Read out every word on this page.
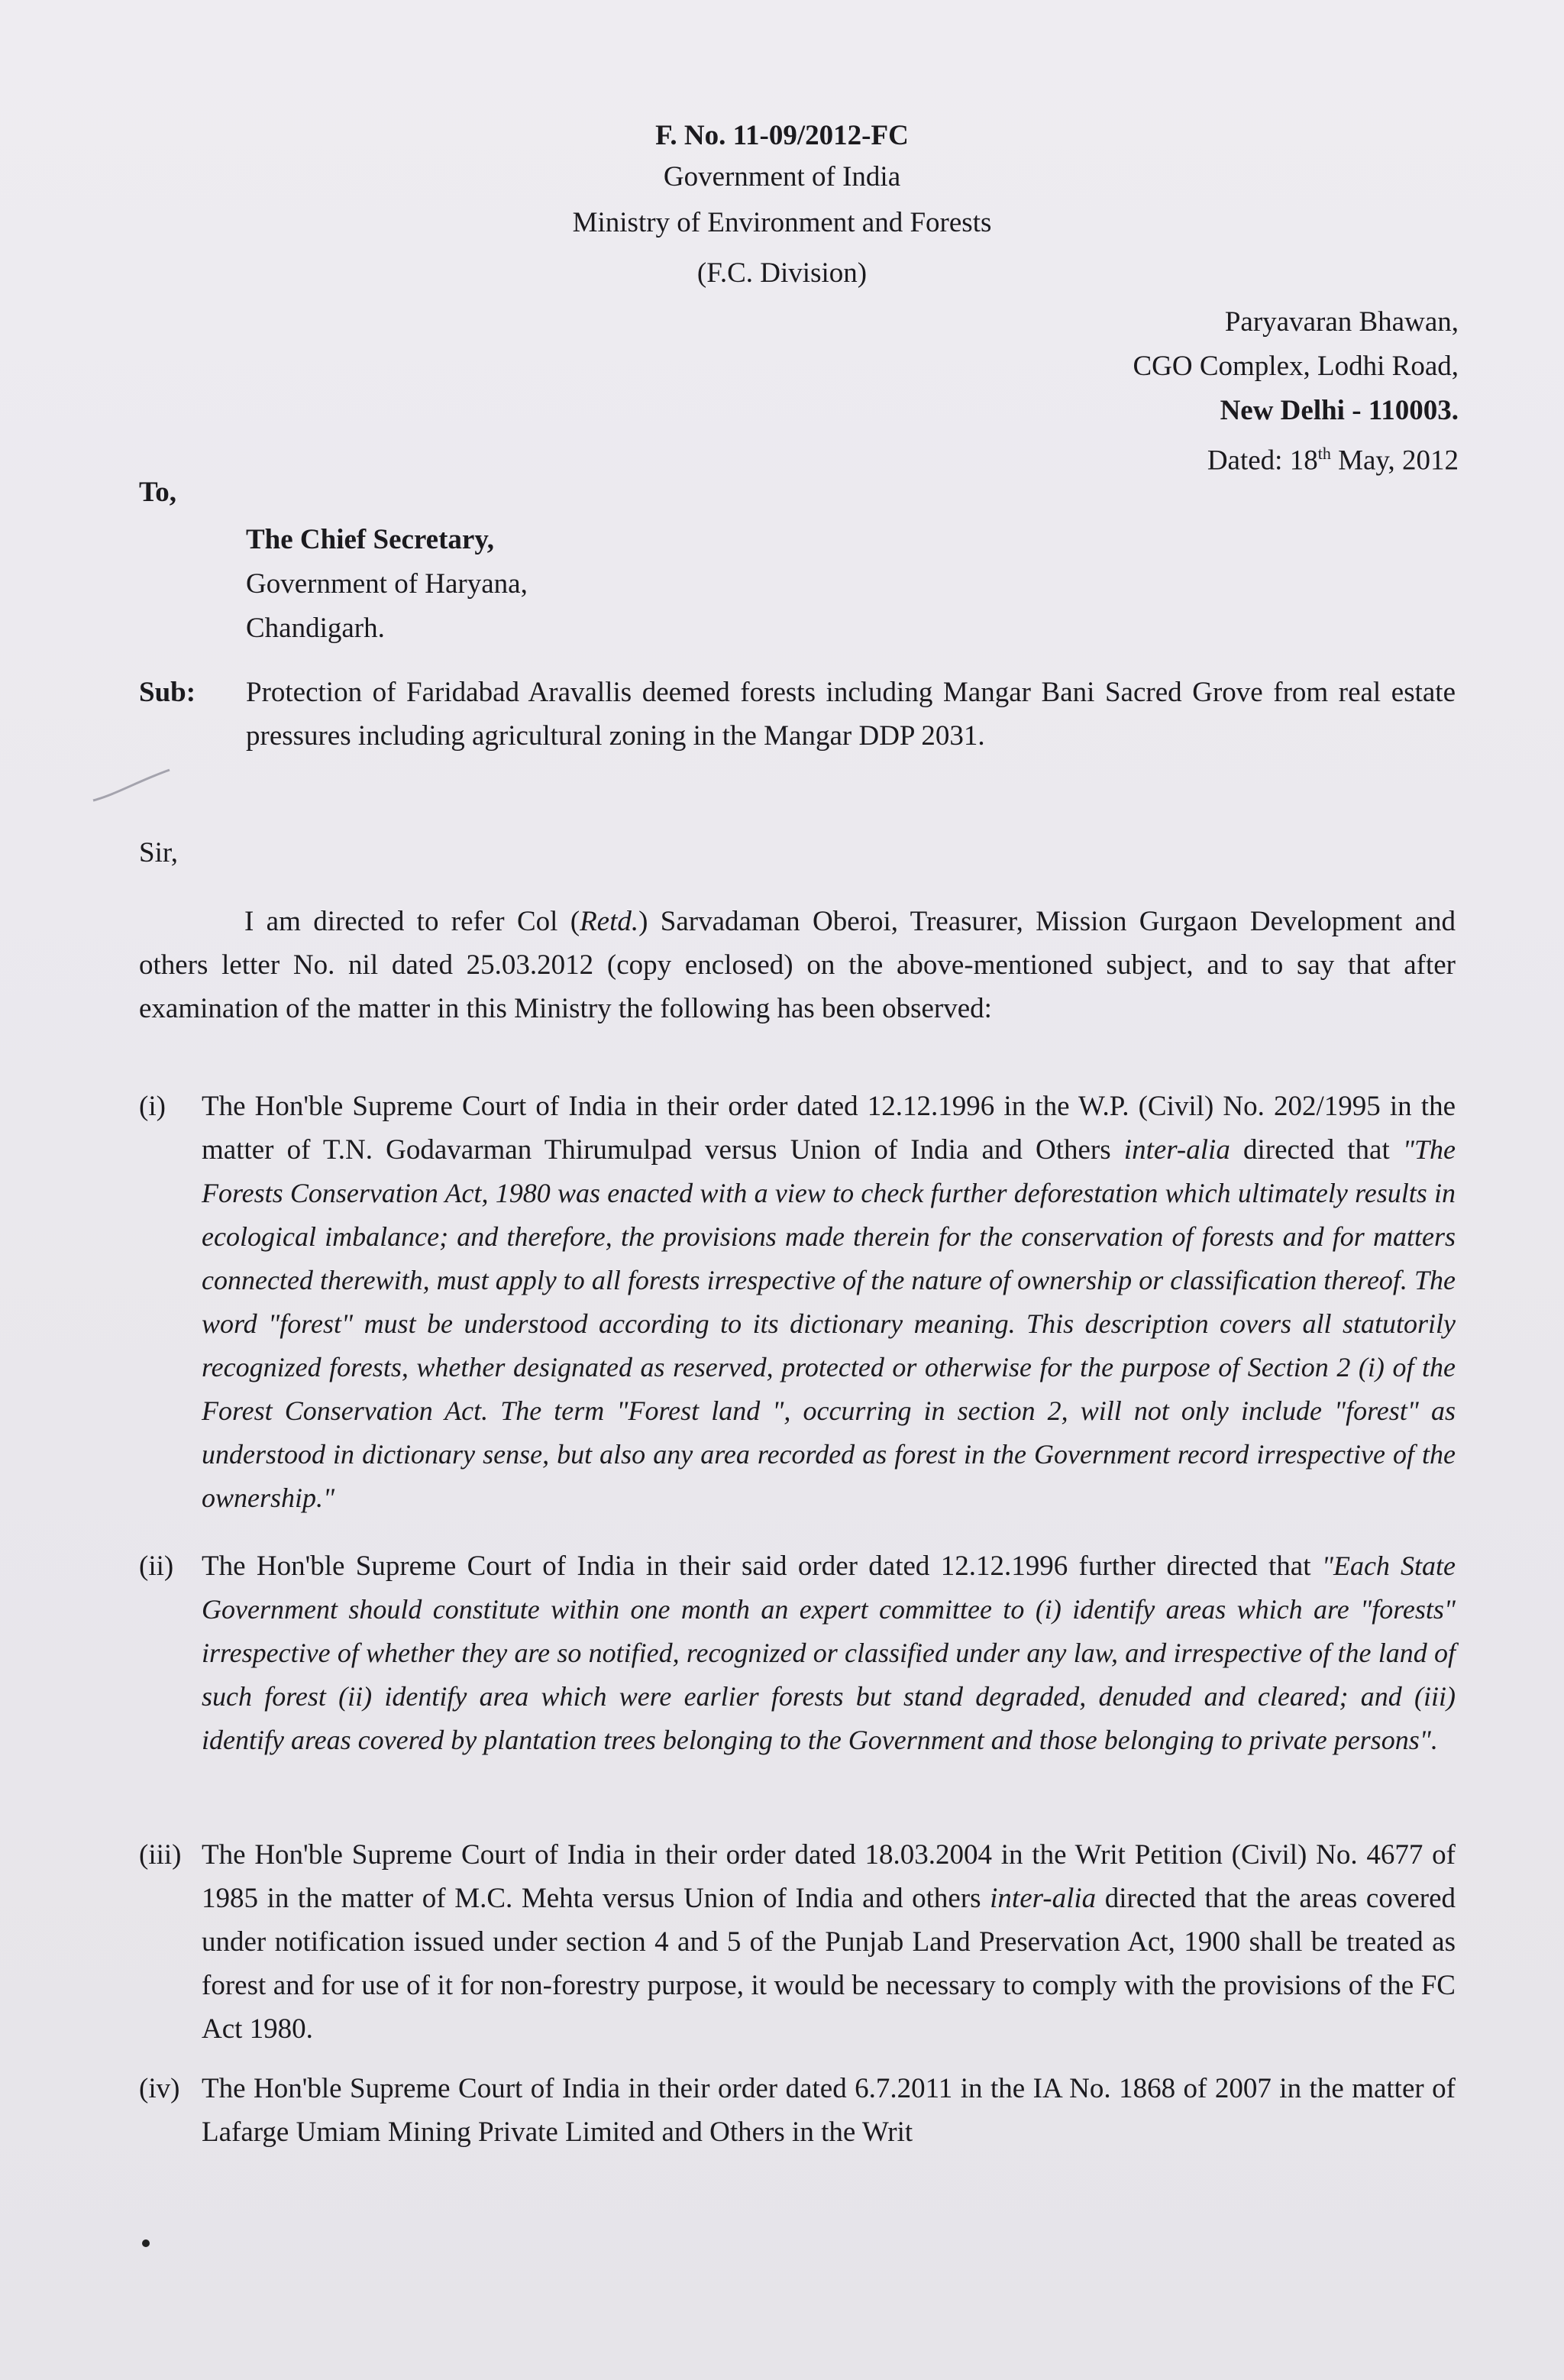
F. No. 11-09/2012-FC
Government of India
Ministry of Environment and Forests
(F.C. Division)
Paryavaran Bhawan,
CGO Complex, Lodhi Road,
New Delhi - 110003.
Dated: 18th May, 2012
To,
The Chief Secretary,
Government of Haryana,
Chandigarh.
Sub: Protection of Faridabad Aravallis deemed forests including Mangar Bani Sacred Grove from real estate pressures including agricultural zoning in the Mangar DDP 2031.
Sir,
I am directed to refer Col (Retd.) Sarvadaman Oberoi, Treasurer, Mission Gurgaon Development and others letter No. nil dated 25.03.2012 (copy enclosed) on the above-mentioned subject, and to say that after examination of the matter in this Ministry the following has been observed:
(i) The Hon'ble Supreme Court of India in their order dated 12.12.1996 in the W.P. (Civil) No. 202/1995 in the matter of T.N. Godavarman Thirumulpad versus Union of India and Others inter-alia directed that "The Forests Conservation Act, 1980 was enacted with a view to check further deforestation which ultimately results in ecological imbalance; and therefore, the provisions made therein for the conservation of forests and for matters connected therewith, must apply to all forests irrespective of the nature of ownership or classification thereof. The word "forest" must be understood according to its dictionary meaning. This description covers all statutorily recognized forests, whether designated as reserved, protected or otherwise for the purpose of Section 2 (i) of the Forest Conservation Act. The term "Forest land ", occurring in section 2, will not only include "forest" as understood in dictionary sense, but also any area recorded as forest in the Government record irrespective of the ownership."
(ii) The Hon'ble Supreme Court of India in their said order dated 12.12.1996 further directed that "Each State Government should constitute within one month an expert committee to (i) identify areas which are "forests" irrespective of whether they are so notified, recognized or classified under any law, and irrespective of the land of such forest (ii) identify area which were earlier forests but stand degraded, denuded and cleared; and (iii) identify areas covered by plantation trees belonging to the Government and those belonging to private persons".
(iii) The Hon'ble Supreme Court of India in their order dated 18.03.2004 in the Writ Petition (Civil) No. 4677 of 1985 in the matter of M.C. Mehta versus Union of India and others inter-alia directed that the areas covered under notification issued under section 4 and 5 of the Punjab Land Preservation Act, 1900 shall be treated as forest and for use of it for non-forestry purpose, it would be necessary to comply with the provisions of the FC Act 1980.
(iv) The Hon'ble Supreme Court of India in their order dated 6.7.2011 in the IA No. 1868 of 2007 in the matter of Lafarge Umiam Mining Private Limited and Others in the Writ
